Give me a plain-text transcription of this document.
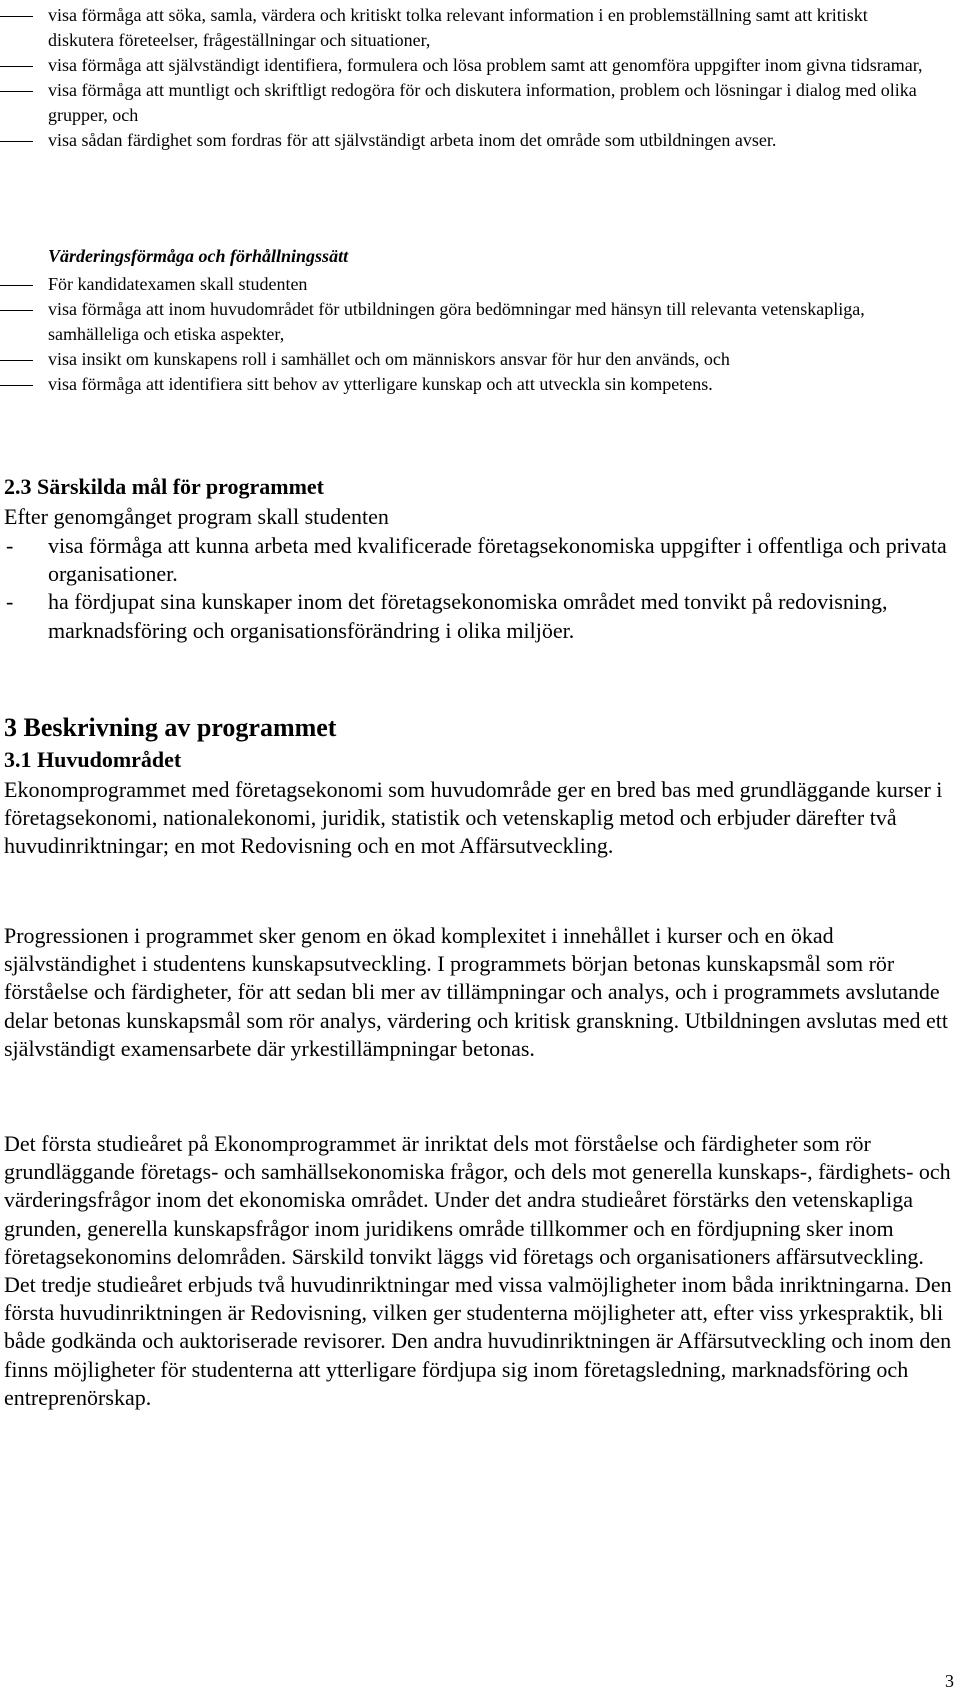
visa förmåga att söka, samla, värdera och kritiskt tolka relevant information i en problemställning samt att kritiskt diskutera företeelser, frågeställningar och situationer,
visa förmåga att självständigt identifiera, formulera och lösa problem samt att genomföra uppgifter inom givna tidsramar,
visa förmåga att muntligt och skriftligt redogöra för och diskutera information, problem och lösningar i dialog med olika grupper, och
visa sådan färdighet som fordras för att självständigt arbeta inom det område som utbildningen avser.
Värderingsförmåga och förhållningssätt
För kandidatexamen skall studenten
visa förmåga att inom huvudområdet för utbildningen göra bedömningar med hänsyn till relevanta vetenskapliga, samhälleliga och etiska aspekter,
visa insikt om kunskapens roll i samhället och om människors ansvar för hur den används, och
visa förmåga att identifiera sitt behov av ytterligare kunskap och att utveckla sin kompetens.
2.3 Särskilda mål för programmet
Efter genomgånget program skall studenten
- visa förmåga att kunna arbeta med kvalificerade företagsekonomiska uppgifter i offentliga och privata organisationer.
- ha fördjupat sina kunskaper inom det företagsekonomiska området med tonvikt på redovisning, marknadsföring och organisationsförändring i olika miljöer.
3 Beskrivning av programmet
3.1 Huvudområdet

Ekonomprogrammet med företagsekonomi som huvudområde ger en bred bas med grundläggande kurser i företagsekonomi, nationalekonomi, juridik, statistik och vetenskaplig metod och erbjuder därefter två huvudinriktningar; en mot Redovisning och en mot Affärsutveckling.

Progressionen i programmet sker genom en ökad komplexitet i innehållet i kurser och en ökad självständighet i studentens kunskapsutveckling. I programmets början betonas kunskapsmål som rör förståelse och färdigheter, för att sedan bli mer av tillämpningar och analys, och i programmets avslutande delar betonas kunskapsmål som rör analys, värdering och kritisk granskning. Utbildningen avslutas med ett självständigt examensarbete där yrkestillämpningar betonas.

Det första studieåret på Ekonomprogrammet är inriktat dels mot förståelse och färdigheter som rör grundläggande företags- och samhällsekonomiska frågor, och dels mot generella kunskaps-, färdighets- och värderingsfrågor inom det ekonomiska området. Under det andra studieåret förstärks den vetenskapliga grunden, generella kunskapsfrågor inom juridikens område tillkommer och en fördjupning sker inom företagsekonomins delområden. Särskild tonvikt läggs vid företags och organisationers affärsutveckling. Det tredje studieåret erbjuds två huvudinriktningar med vissa valmöjligheter inom båda inriktningarna. Den första huvudinriktningen är Redovisning, vilken ger studenterna möjligheter att, efter viss yrkespraktik, bli både godkända och auktoriserade revisorer. Den andra huvudinriktningen är Affärsutveckling och inom den finns möjligheter för studenterna att ytterligare fördjupa sig inom företagsledning, marknadsföring och entreprenörskap.

3
